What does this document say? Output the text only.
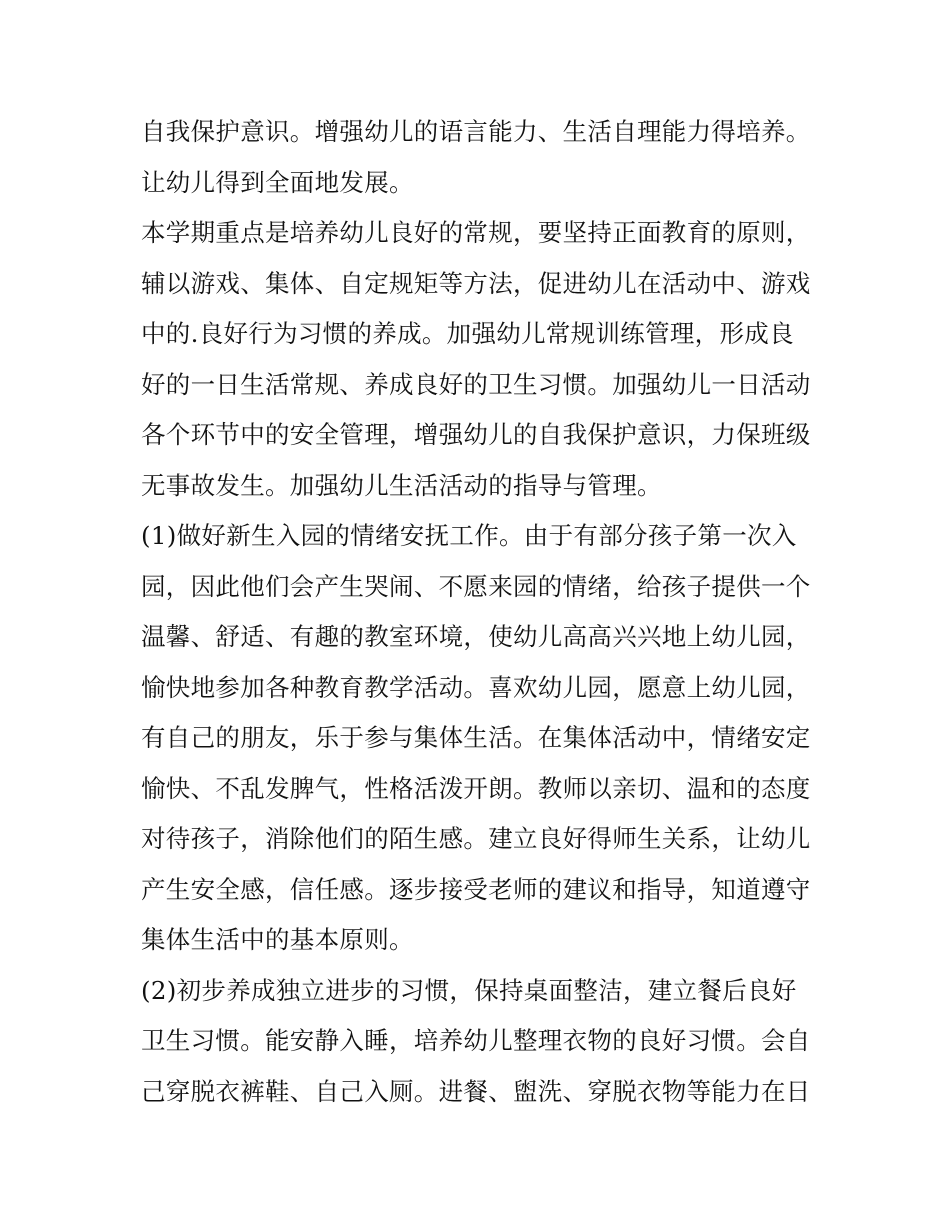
自我保护意识。增强幼儿的语言能力、生活自理能力得培养。
让幼儿得到全面地发展。
本学期重点是培养幼儿良好的常规，要坚持正面教育的原则，
辅以游戏、集体、自定规矩等方法，促进幼儿在活动中、游戏
中的.良好行为习惯的养成。加强幼儿常规训练管理，形成良
好的一日生活常规、养成良好的卫生习惯。加强幼儿一日活动
各个环节中的安全管理，增强幼儿的自我保护意识，力保班级
无事故发生。加强幼儿生活活动的指导与管理。
(1)做好新生入园的情绪安抚工作。由于有部分孩子第一次入
园，因此他们会产生哭闹、不愿来园的情绪，给孩子提供一个
温馨、舒适、有趣的教室环境，使幼儿高高兴兴地上幼儿园，
愉快地参加各种教育教学活动。喜欢幼儿园，愿意上幼儿园，
有自己的朋友，乐于参与集体生活。在集体活动中，情绪安定
愉快、不乱发脾气，性格活泼开朗。教师以亲切、温和的态度
对待孩子，消除他们的陌生感。建立良好得师生关系，让幼儿
产生安全感，信任感。逐步接受老师的建议和指导，知道遵守
集体生活中的基本原则。
(2)初步养成独立进步的习惯，保持桌面整洁，建立餐后良好
卫生习惯。能安静入睡，培养幼儿整理衣物的良好习惯。会自
己穿脱衣裤鞋、自己入厕。进餐、盥洗、穿脱衣物等能力在日
